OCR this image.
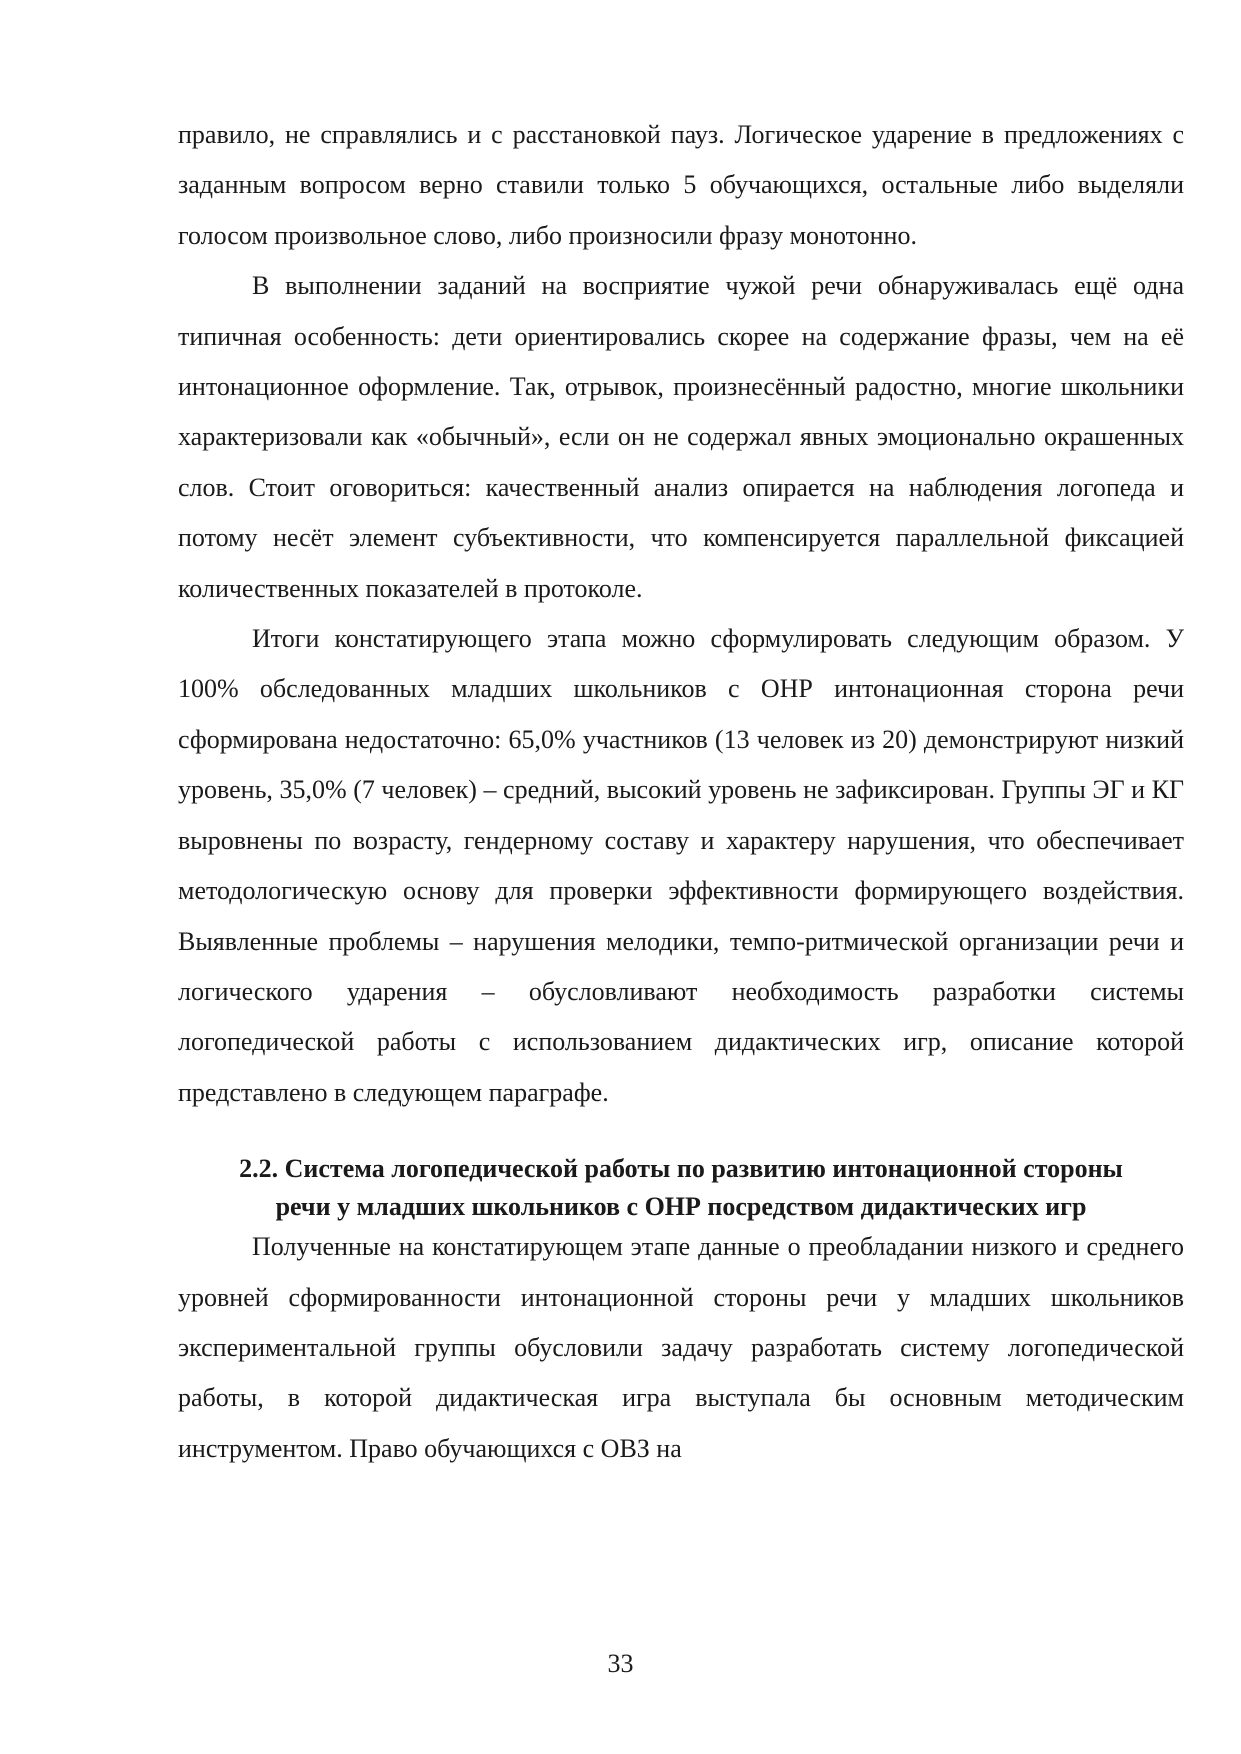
правило, не справлялись и с расстановкой пауз. Логическое ударение в предложениях с заданным вопросом верно ставили только 5 обучающихся, остальные либо выделяли голосом произвольное слово, либо произносили фразу монотонно.

В выполнении заданий на восприятие чужой речи обнаруживалась ещё одна типичная особенность: дети ориентировались скорее на содержание фразы, чем на её интонационное оформление. Так, отрывок, произнесённый радостно, многие школьники характеризовали как «обычный», если он не содержал явных эмоционально окрашенных слов. Стоит оговориться: качественный анализ опирается на наблюдения логопеда и потому несёт элемент субъективности, что компенсируется параллельной фиксацией количественных показателей в протоколе.

Итоги констатирующего этапа можно сформулировать следующим образом. У 100% обследованных младших школьников с ОНР интонационная сторона речи сформирована недостаточно: 65,0% участников (13 человек из 20) демонстрируют низкий уровень, 35,0% (7 человек) – средний, высокий уровень не зафиксирован. Группы ЭГ и КГ выровнены по возрасту, гендерному составу и характеру нарушения, что обеспечивает методологическую основу для проверки эффективности формирующего воздействия. Выявленные проблемы – нарушения мелодики, темпо-ритмической организации речи и логического ударения – обусловливают необходимость разработки системы логопедической работы с использованием дидактических игр, описание которой представлено в следующем параграфе.

2.2. Система логопедической работы по развитию интонационной стороны
речи у младших школьников с ОНР посредством дидактических игр

Полученные на констатирующем этапе данные о преобладании низкого и среднего уровней сформированности интонационной стороны речи у младших школьников экспериментальной группы обусловили задачу разработать систему логопедической работы, в которой дидактическая игра выступала бы основным методическим инструментом. Право обучающихся с ОВЗ на

33
